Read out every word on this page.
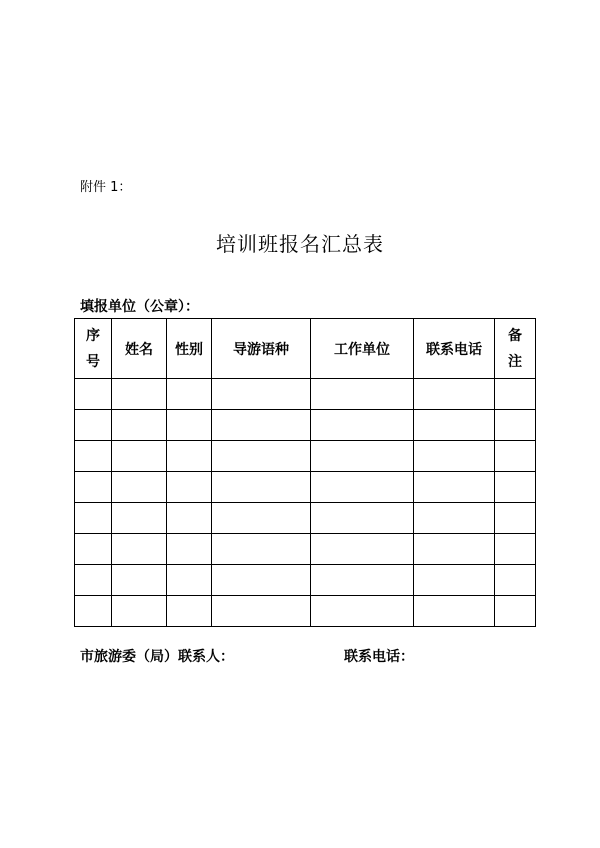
附件 1：
培训班报名汇总表
填报单位（公章）：
序号	姓名	性别	导游语种	工作单位	联系电话	备注

市旅游委（局）联系人：	联系电话：
